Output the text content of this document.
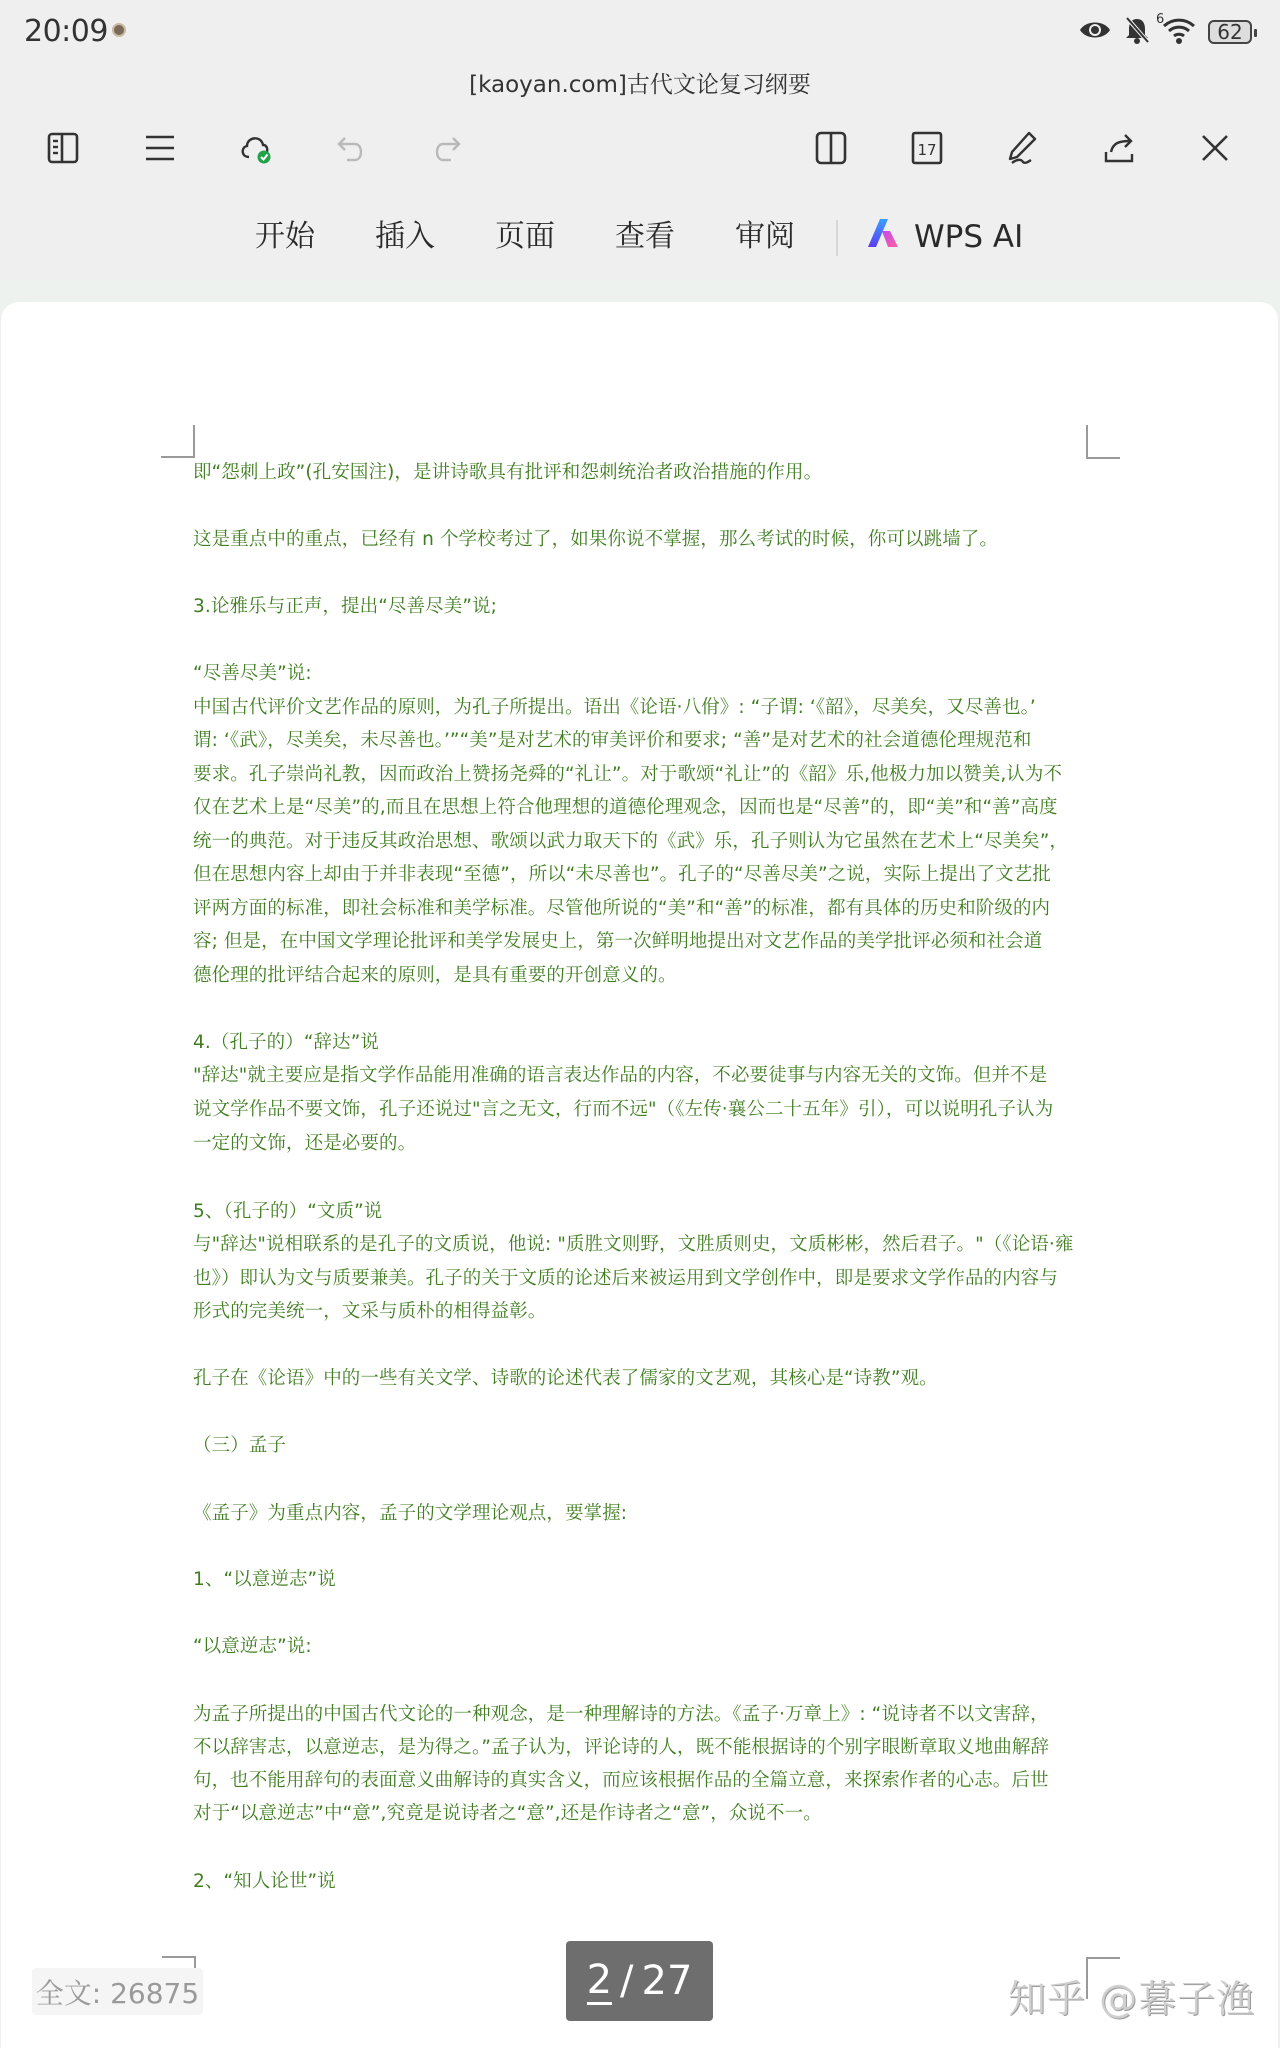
20:09	6
62
[kaoyan.com]古代文论复习纲要
17
开始 插入 页面 查看 审阅	WPS AI
即“怨刺上政”(孔安国注)，是讲诗歌具有批评和怨刺统治者政治措施的作用。
这是重点中的重点，已经有 n 个学校考过了，如果你说不掌握，那么考试的时候，你可以跳墙了。
3.论雅乐与正声，提出“尽善尽美”说;
“尽善尽美”说:
中国古代评价文艺作品的原则，为孔子所提出。语出《论语·八佾》: “子谓: ‘《韶》，尽美矣，又尽善也。’
谓: ‘《武》，尽美矣，未尽善也。’”“美”是对艺术的审美评价和要求; “善”是对艺术的社会道德伦理规范和
要求。孔子崇尚礼教，因而政治上赞扬尧舜的“礼让”。对于歌颂“礼让”的《韶》乐,他极力加以赞美,认为不
仅在艺术上是“尽美”的,而且在思想上符合他理想的道德伦理观念，因而也是“尽善”的，即“美”和“善”高度
统一的典范。对于违反其政治思想、歌颂以武力取天下的《武》乐，孔子则认为它虽然在艺术上“尽美矣”，
但在思想内容上却由于并非表现“至德”，所以“未尽善也”。孔子的“尽善尽美”之说，实际上提出了文艺批
评两方面的标准，即社会标准和美学标准。尽管他所说的“美”和“善”的标准，都有具体的历史和阶级的内
容; 但是，在中国文学理论批评和美学发展史上，第一次鲜明地提出对文艺作品的美学批评必须和社会道
德伦理的批评结合起来的原则，是具有重要的开创意义的。
4.（孔子的）“辞达”说
"辞达"就主要应是指文学作品能用准确的语言表达作品的内容，不必要徒事与内容无关的文饰。但并不是
说文学作品不要文饰，孔子还说过"言之无文，行而不远"（《左传·襄公二十五年》引），可以说明孔子认为
一定的文饰，还是必要的。
5、（孔子的）“文质”说
与"辞达"说相联系的是孔子的文质说，他说: "质胜文则野，文胜质则史，文质彬彬，然后君子。"（《论语·雍
也》）即认为文与质要兼美。孔子的关于文质的论述后来被运用到文学创作中，即是要求文学作品的内容与
形式的完美统一，文采与质朴的相得益彰。
孔子在《论语》中的一些有关文学、诗歌的论述代表了儒家的文艺观，其核心是“诗教”观。
（三）孟子
《孟子》为重点内容，孟子的文学理论观点，要掌握:
1、“以意逆志”说
“以意逆志”说:
为孟子所提出的中国古代文论的一种观念，是一种理解诗的方法。《孟子·万章上》: “说诗者不以文害辞，
不以辞害志，以意逆志，是为得之。”孟子认为，评论诗的人，既不能根据诗的个别字眼断章取义地曲解辞
句，也不能用辞句的表面意义曲解诗的真实含义，而应该根据作品的全篇立意，来探索作者的心志。后世
对于“以意逆志”中“意”,究竟是说诗者之“意”,还是作诗者之“意”，众说不一。
2、“知人论世”说
全文: 26875	2 / 27	知乎 @暮子渔
